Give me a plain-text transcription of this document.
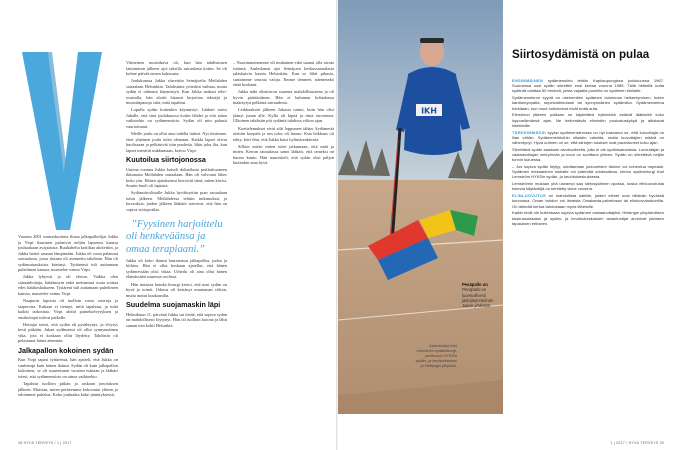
Vuonna 2001 marraskuisena iltana jalkapalloilijat Jukka ja Virpi Saarinen palasivat neljän lapsensa kanssa jouluaikaan avajaisista. Ruuhaltelta kotiiltaa aloitettiin, ja Jukka lattioi saunan lämpimään. Jukka oli vasta palannut saivaalasta, jossa rintaan oli asennettu tahdistin. Hän oli sydänsairauksista kärsinyt. Tyttärensä tuli auttamaan puhelimen kanssa, muistelee vaimo Virpi.

Jukka lyhyesti ja oli eloton. Vaikka olen sairaanhoitaja, hätäännyin enkä meinannut osata soittaa edes hätäkeskukseen. Tyttäreni tuli auttamaan puhelimen kanssa, muistelee vaimo Virpi.

Naapurin lapsista oli tuolloin vasta vauvoja ja taaperoita. Kukaan ei tiennyt, mitä tapahtuu, ja mitä kaikki tarkoittaa. Virpi aloitti paineluelvytyksen ja ensihoitajat tulivat paikalle.

Hoitajat totesi, että sydän oli pysähtynyt, ja elvytys kesti pitkään. Jukan sydämessä oli ollut synnynnäinen vika, jota ei koskaan ollut löydetty. Tahdistin oli pelastanut hänet aiemmin.

Jalkapallon kokoinen sydän

Kun Virpi tapasi tyttärensä, hän ajatteli, että Jukka on vanhempi kuin hänen ikänsä. Sydän oli kuin jalkapallon kokoinen, se oli suurentunut vuosien mittaan ja lääkäri totesi, että sydämensiirto on ainoa vaihtoehto.

Tapahtui tuolloin pitkän ja raskaan jonotuksen jälkeen. Muistan, miten perheemme kokoontui yhteen ja odotimme puhelua. Koko jouluaika kului jännityksessä.

Viimeinen muistikuva oli, kun hän tahdistimen laittamisen jälkeen ajoi taksilla sairaalasta kotiin. Se oli kolme päivää ennen kohtausta.

Joulukuussa Jukka siirrettiin Seinäjoelta Meilahden sairaalaan Helsinkiin. Tahdistinta yritettiin vaihtaa, mutta sydän ei tahtonut käynnistyä. Kun Jukka makasi teho-osastolla, hän aloitti hitaasti kirjoittaa tekstejä ja muistiinpanoja siitä, mitä tapahtui.

Lopulla sydän kuitenkin käynnistyi. Lääkäri totesi Jukalle, että sinä joulukuussa kotiin lähdet ja että ainoa vaihtoehto on sydämensiirto. Sydän oli niin pahasti vaurioitunut.

Meille joulu on ollut aina todella tärkeä. Nyt tiesimme, ettei yhteinen joulu tulisi olemaan. Kaikki lapset olivat huolissaan ja pelkäsivät isän puolesta. Itkin joka ilta, kun lapset menivät nukkumaan, kertoo Virpi.

Kuutoilua siirtojonossa

Uutena vuonna Jukka katseli doltatilasta potilashuoneen ikkunasta Meilahden sairaalaan. Hän oli valvonut lähes koko yön. Hänen ajatuksensa kiersivät siinä, miten kävisi. Suurin huoli oli lapsista.

Sydänsiirtolistalle Jukka hyväksyttiin pian sairaalaan tulon jälkeen. Meilahdessa tehtiin tutkimuksia ja kuvauksia, joiden jälkeen lääkärit totesivat, että hän on sopiva siirtopotilas.

”Fyysinen harjoittelu oli henkeväänsa ja omaa terapiaani.”

Jukka oli koko ikänsä harrastanut jalkapalloa, judoa ja hiihtoa. Hän ei ollut koskaan ajatellut, että hänen sydämessään olisi vikaa. Urheilu oli aina ollut hänen elämässään suuressa roolissa.

Hän muistaa kuinka kirurgi kertoi, että uusi sydän on hyvä ja toimii. Odotus oli kestänyt muutaman viikon, mutta tuntui kuukausilta.

Suudelma suojamaskin läpi

Helmikuun 11. päivänä Jukka sai tietää, että sopiva sydän on mahdollisesti löytynyt. Hän oli tuolloin kotona ja lähti saman tien kohti Helsinkiä.

– Nuorimmaisemme oli muhainen eikä saanut olla tavata isäänsä. Ambulanssi ajoi Seinäjoen keskussairaalasta jalaskaivin kautta Helsinkiin. Kun se lähti pihasta, saatoimme seurata valoja. Emme tienneet, näemmekö enää koskaan.

Jukka näki elinsiirron suurena mahdollisuutena ja oli hyvin päättäväinen. Hän ei halunnut kohtalonsa määräytyä pelkästä sairaudesta.

Leikkauksen jälkeen Jukasta tuntui, kuin hän olisi jäänyt junan alle. Kylki oli kipeä ja rinta turvonnut. Ulkoinen tahdistin piti sydäntä tahdissa viikon ajan.

Koettelemukset eivät silti loppuneet tähän. Sydämestä otettiin koepala ja sen tulos oli huono. Kun leikkaus oli tehty, kävi ilmi, että Jukka kärsi hylintäreaktiosta.

Silloin mietti miten tulee jatkumaan, että mitä ja miten. Kerran sairaalassa sanoi lääkäri, että onneksi on huono kunto. Hän naureskeli, että sydän olisi paljon kuitenkin aina hyvä.

38 HYVÄ TERVEYS / 1 | 2017
IKH
Pesäpallo on Pesäpallo on luonnollisesti jatkojärjestelmän Jukan yhdistää.
Asiantuntija Kari Lemström sydänkirurgi, professori HYKSin sydän- ja keuhkokeskus ja Helsingin yliopisto.
Siirtosydämistä on pulaa

ENSIMMÄINEN sydämensiirto tehtiin Kapkaupungissa joulukuussa 1967. Suomessa uusi sydän siirrettiin ensi kertaa vuonna 1985. Tällä hetkellä uutta sydäntä odottaa 50 henkeä, joista vajaalla puolella on sydämen tukilaite.

Sydämensiirron syynä on useimmiten sydämen toiminnan heikentyminen, kuten kardiomyopatia, sepelvaltimotauti tai synnynnäinen sydänvika. Sydämensiirtoa harkitaan, kun muut hoitokeinot eivät enää auta.

Elinsiirron jälkeen potilaan on käytettävä hylkimistä estäviä lääkkeitä koko loppuelämänsä ajan. Ne heikentävät elimistön puolustuskykyä ja altistavat infektioille.

TÄRKEIMMÄKSI syyksi sydämensiirrossa on nyt kasvanut se, että luovuttajia on liian vähän. Sydämensiirtoihin oltaisiin valmiita, mutta luovuttajien määrä on vähentynyt. Hyvä uutinen on se, että siirtojen tulokset ovat parantuneet koko ajan.

Siirrettävä sydän saadaan aivokuolleelta, jolla ei ole sydänsairauksia. Luovuttajan ja vastaanottajan veriryhmän ja koon on sovittava yhteen. Sydän on siirrettävä neljän tunnin kuluessa.

– Jos sopiva sydän löytyy, odottamaan joutuneiden tilanne voi kohentua nopeasti. Sydämen mekaaninen tukilaite voi pidentää odotusaikaa, kertoo sydänkirurgi Kari Lemström HYKSin sydän- ja keuhkokeskuksesta.

Lemströmin mukaan yhä useampi saa siirtosydämen ajoissa, koska elinluovutusta tukevia käytäntöjä on kehitetty viime vuosina.

ELINLUOVUTUS on mahdollista kaikille, joiden elimet ovat riittävän hyvässä kunnossa. Oman tahdon voi ilmaista Omakanta-palvelussa tai elinluovutuskortilla. On tärkeää kertoa tahdostaan myös läheisille.

Kaikki eivät ole kuitenkaan sopivia sydämen vastaanottajiksi. Helsingin yliopistollisen keskussairaalan ja sydän- ja keuhkokeskuksen asiantuntijat arvioivat jokaisen tapauksen erikseen.

1 | 2017 / HYVÄ TERVEYS 39
